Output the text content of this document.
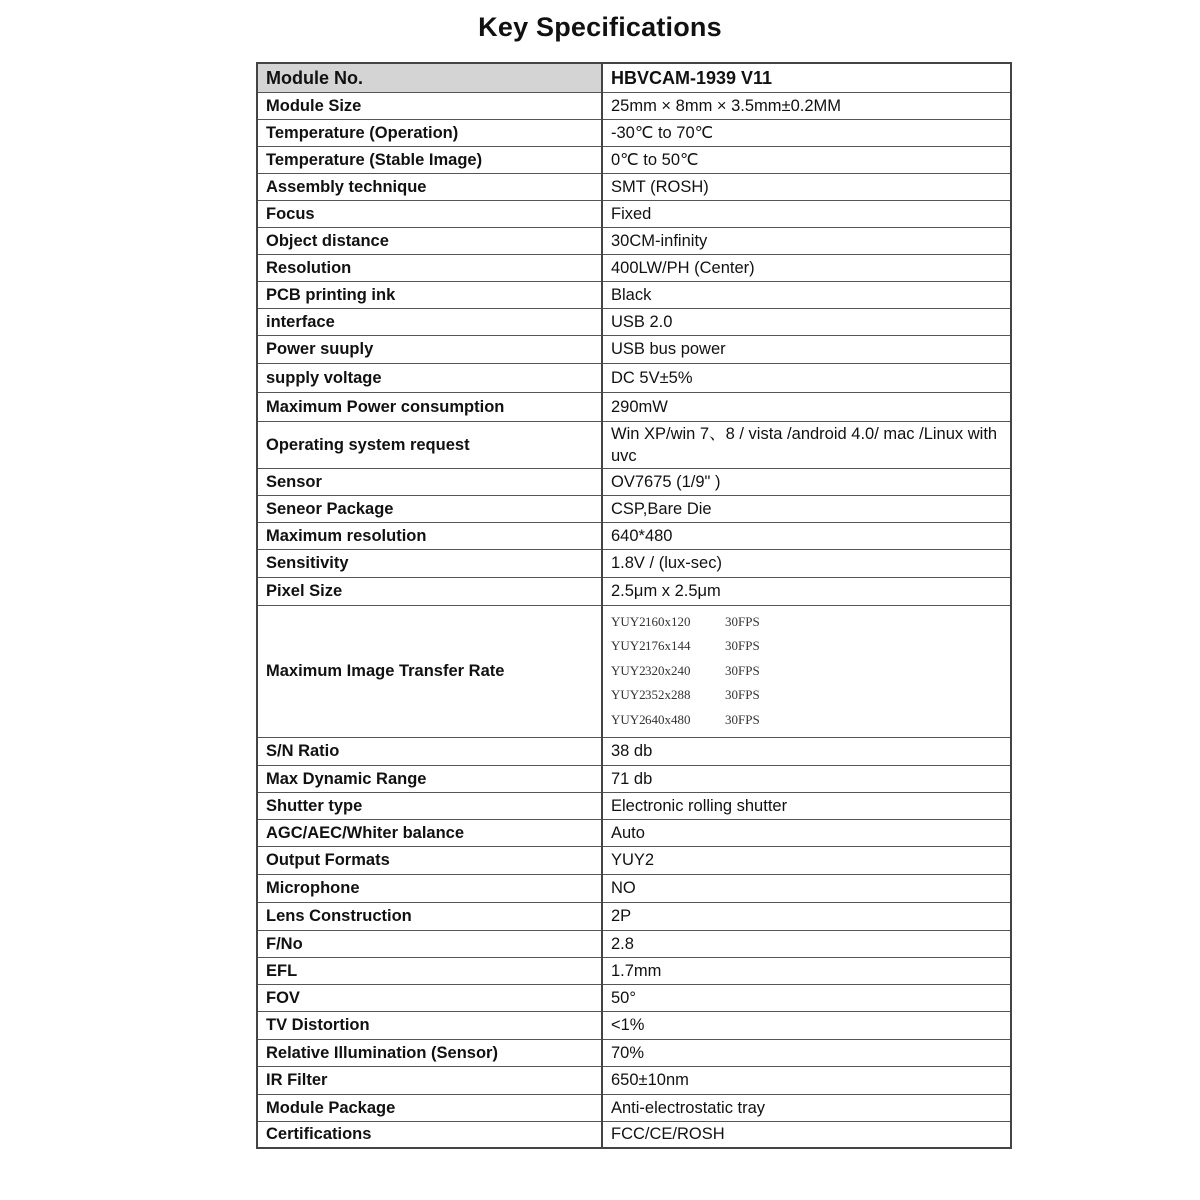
Key Specifications
Module No.	HBVCAM-1939 V11
Module Size	25mm × 8mm × 3.5mm±0.2MM
Temperature (Operation)	-30℃ to 70℃
Temperature (Stable Image)	0℃ to 50℃
Assembly technique	SMT (ROSH)
Focus	Fixed
Object distance	30CM-infinity
Resolution	400LW/PH (Center)
PCB printing ink	Black
interface	USB 2.0
Power suuply	USB bus power
supply voltage	DC 5V±5%
Maximum Power consumption	290mW
Operating system request	Win XP/win 7、8 / vista /android 4.0/ mac /Linux with uvc
Sensor	OV7675 (1/9" )
Seneor Package	CSP,Bare Die
Maximum resolution	640*480
Sensitivity	1.8V / (lux-sec)
Pixel Size	2.5μm x 2.5μm
Maximum Image Transfer Rate	YUY2160x120 30FPS
YUY2176x144 30FPS
YUY2320x240 30FPS
YUY2352x288 30FPS
YUY2640x480 30FPS

S/N Ratio	38 db
Max Dynamic Range	71 db
Shutter type	Electronic rolling shutter
AGC/AEC/Whiter balance	Auto
Output Formats	YUY2
Microphone	NO
Lens Construction	2P
F/No	2.8
EFL	1.7mm
FOV	50°
TV Distortion	<1%
Relative Illumination (Sensor)	70%
IR Filter	650±10nm
Module Package	Anti-electrostatic tray
Certifications	FCC/CE/ROSH
